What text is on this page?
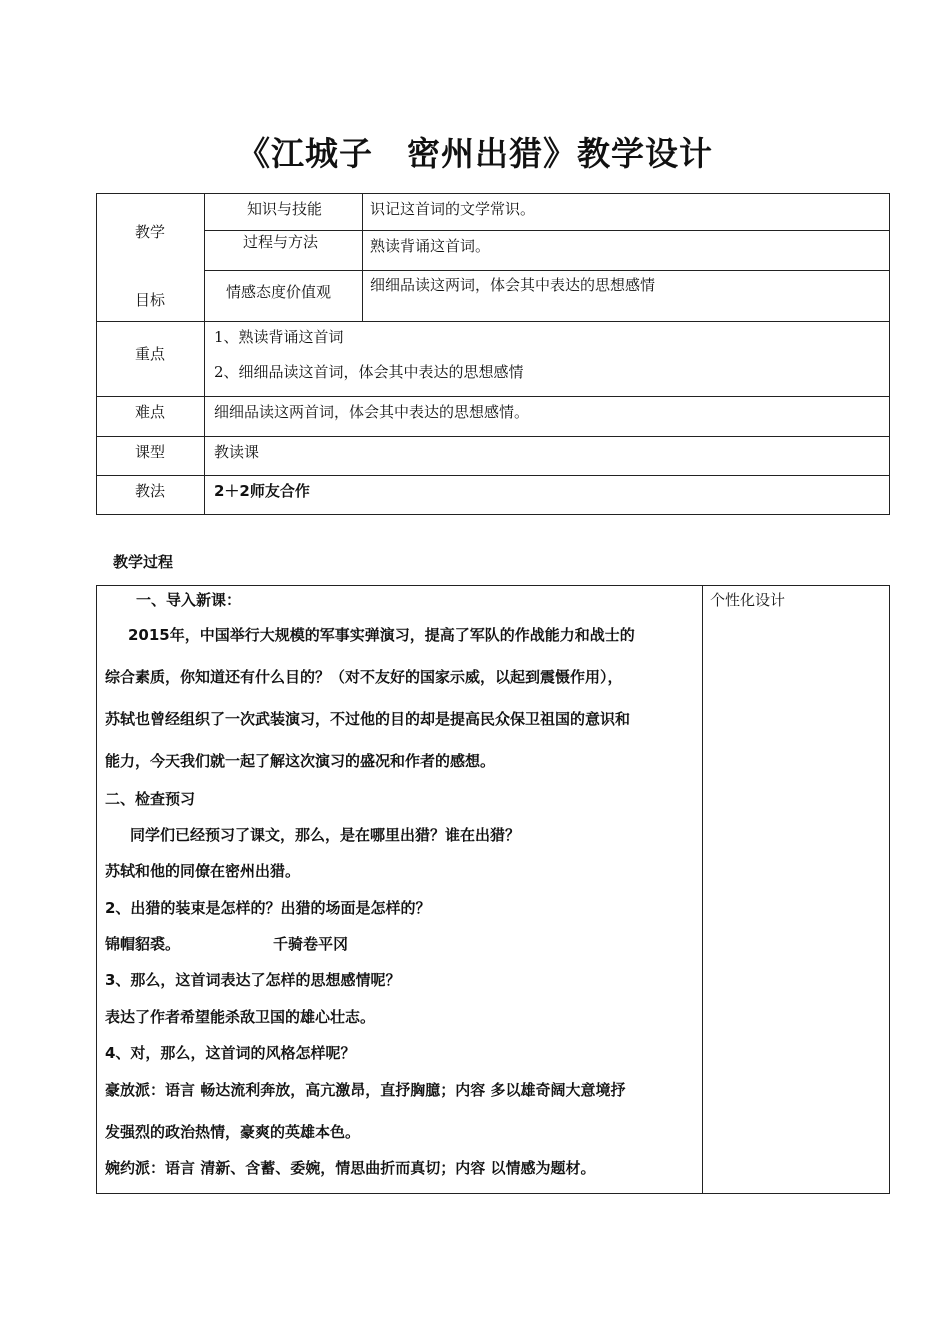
《江城子　密州出猎》教学设计
教学
目标
知识与技能	识记这首词的文学常识。
过程与方法	熟读背诵这首词。
情感态度价值观	细细品读这两词，体会其中表达的思想感情
重点
1、熟读背诵这首词
2、细细品读这首词，体会其中表达的思想感情
难点	细细品读这两首词，体会其中表达的思想感情。
课型	教读课
教法	2＋2师友合作
教学过程
个性化设计
一、导入新课：
2015年，中国举行大规模的军事实弹演习，提高了军队的作战能力和战士的
综合素质，你知道还有什么目的？（对不友好的国家示威，以起到震慑作用），
苏轼也曾经组织了一次武装演习，不过他的目的却是提高民众保卫祖国的意识和
能力，今天我们就一起了解这次演习的盛况和作者的感想。
二、检查预习
同学们已经预习了课文，那么，是在哪里出猎？谁在出猎？
苏轼和他的同僚在密州出猎。
2、出猎的装束是怎样的？出猎的场面是怎样的？
锦帽貂裘。	千骑卷平冈
3、那么，这首词表达了怎样的思想感情呢？
表达了作者希望能杀敌卫国的雄心壮志。
4、对，那么，这首词的风格怎样呢？
豪放派：语言 畅达流利奔放，高亢激昂，直抒胸臆；内容 多以雄奇阔大意境抒
发强烈的政治热情，豪爽的英雄本色。
婉约派：语言 清新、含蓄、委婉，情思曲折而真切；内容 以情感为题材。
